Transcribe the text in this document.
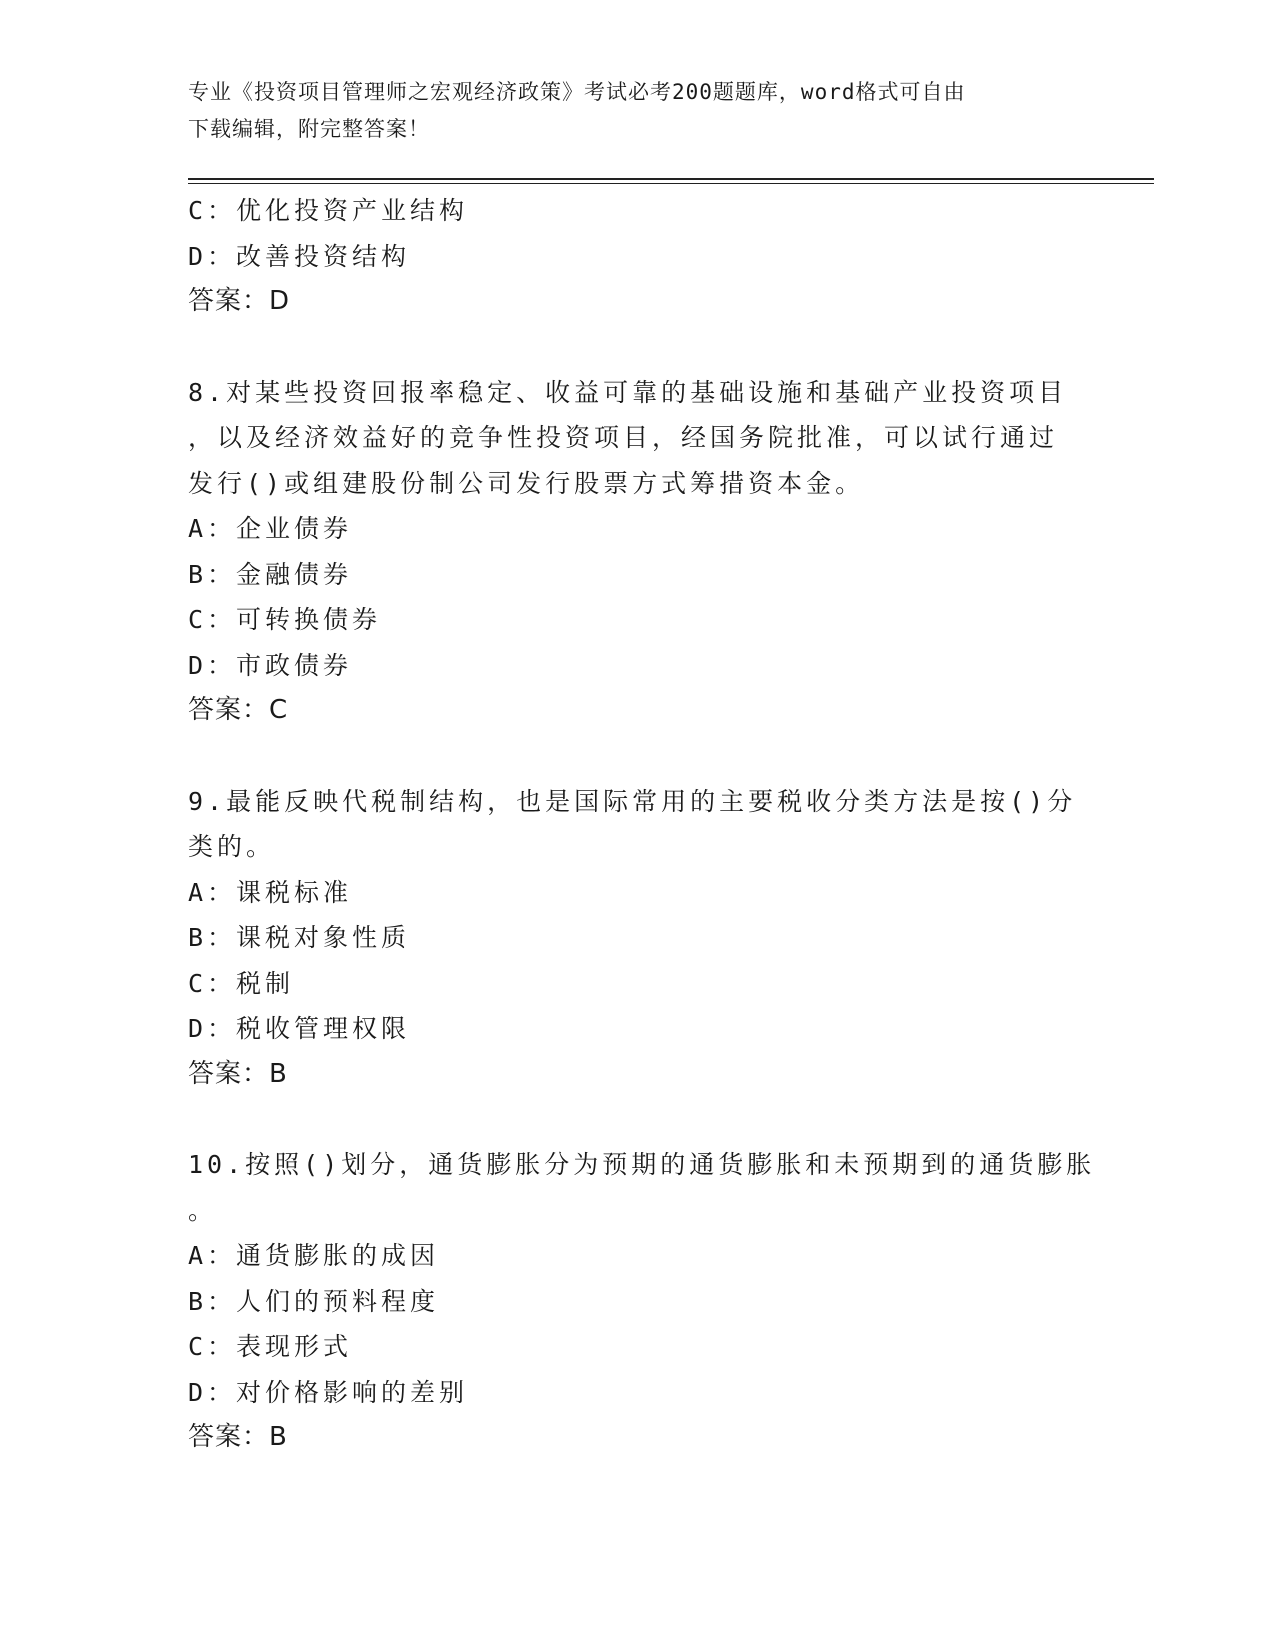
专业《投资项目管理师之宏观经济政策》考试必考200题题库，word格式可自由
下载编辑，附完整答案！
C：优化投资产业结构
D：改善投资结构
答案：D
8.对某些投资回报率稳定、收益可靠的基础设施和基础产业投资项目
，以及经济效益好的竞争性投资项目，经国务院批准，可以试行通过
发行()或组建股份制公司发行股票方式筹措资本金。
A：企业债券
B：金融债券
C：可转换债券
D：市政债券
答案：C
9.最能反映代税制结构，也是国际常用的主要税收分类方法是按()分
类的。
A：课税标准
B：课税对象性质
C：税制
D：税收管理权限
答案：B
10.按照()划分，通货膨胀分为预期的通货膨胀和未预期到的通货膨胀
。
A：通货膨胀的成因
B：人们的预料程度
C：表现形式
D：对价格影响的差别
答案：B
